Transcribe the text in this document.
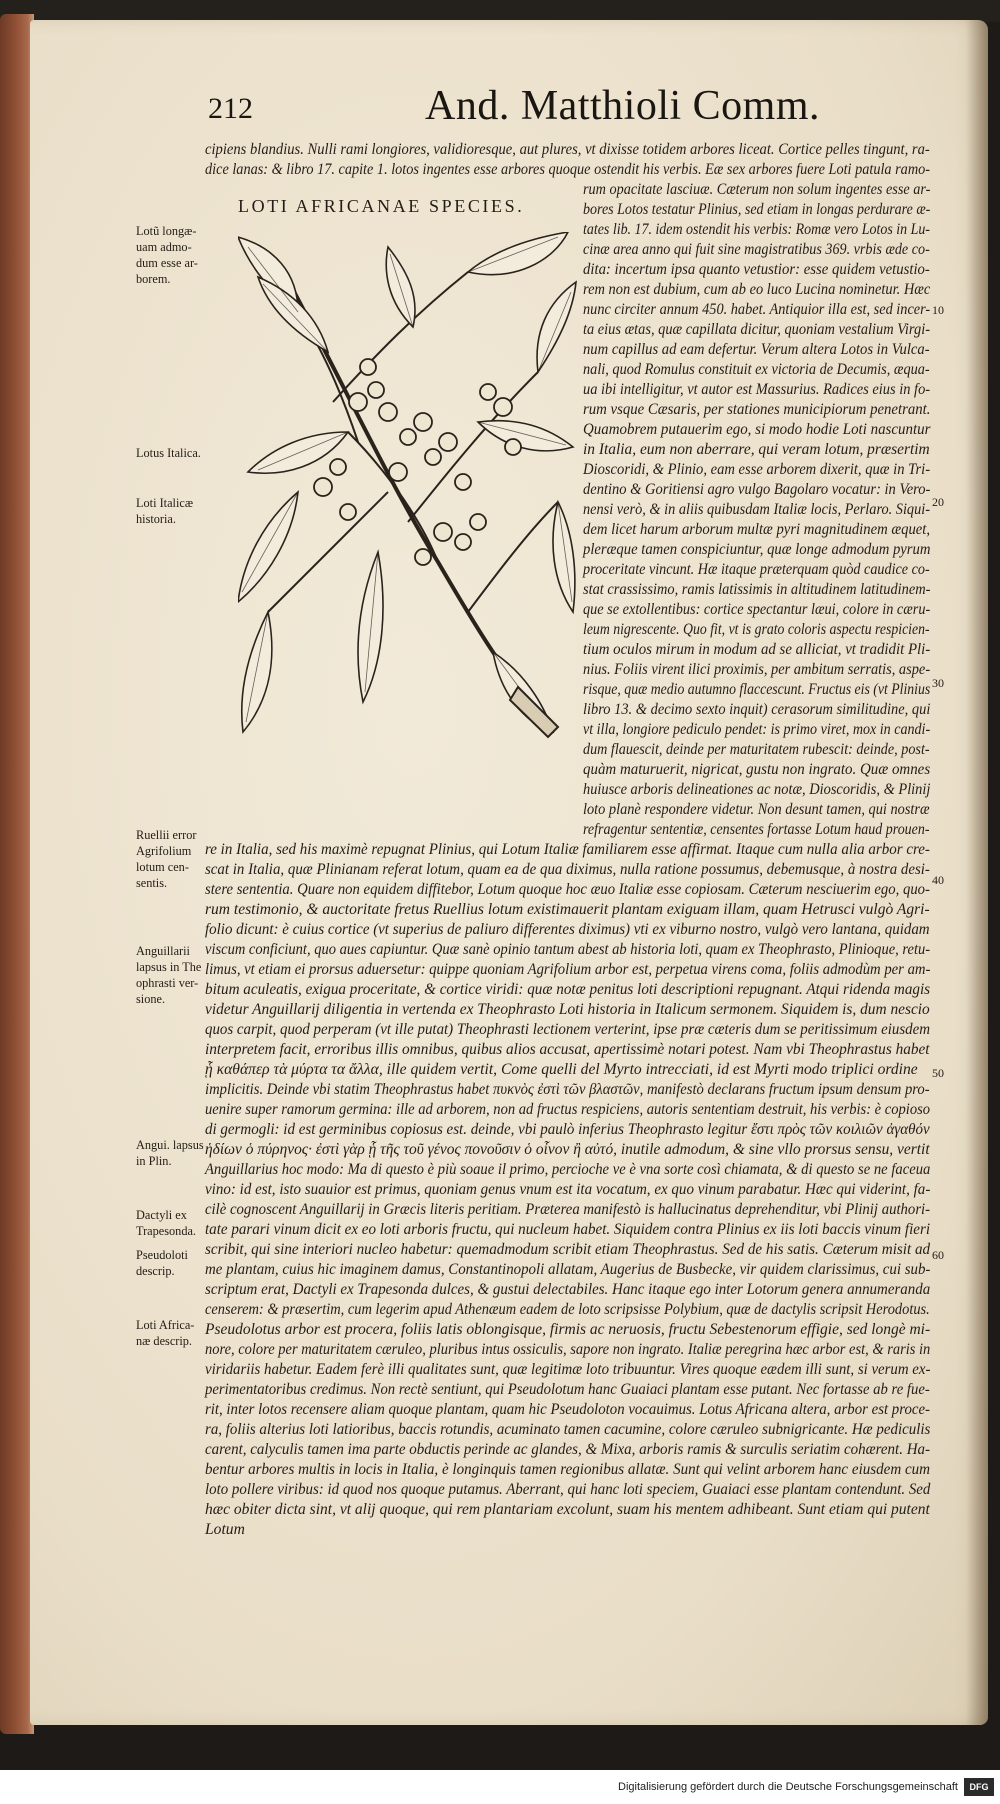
212	And. Matthioli Comm.
LOTI AFRICANAE SPECIES.
cipiens blandius. Nulli rami longiores, validioresque, aut plures, vt dixisse totidem arbores liceat. Cortice pelles tingunt, ra-
dice lanas: & libro 17. capite 1. lotos ingentes esse arbores quoque ostendit his verbis. Eæ sex arbores fuere Loti patula ramo-
rum opacitate lasciuæ. Cæterum non solum ingentes esse ar-
bores Lotos testatur Plinius, sed etiam in longas perdurare æ-
tates lib. 17. idem ostendit his verbis: Romæ vero Lotos in Lu-
cinæ area anno qui fuit sine magistratibus 369. vrbis æde co-
dita: incertum ipsa quanto vetustior: esse quidem vetustio-
rem non est dubium, cum ab eo luco Lucina nominetur. Hæc
nunc circiter annum 450. habet. Antiquior illa est, sed incer-
ta eius ætas, quæ capillata dicitur, quoniam vestalium Virgi-
num capillus ad eam defertur. Verum altera Lotos in Vulca-
nali, quod Romulus constituit ex victoria de Decumis, æqua-
ua ibi intelligitur, vt autor est Massurius. Radices eius in fo-
rum vsque Cæsaris, per stationes municipiorum penetrant.
Quamobrem putauerim ego, si modo hodie Loti nascuntur
in Italia, eum non aberrare, qui veram lotum, præsertim
Dioscoridi, & Plinio, eam esse arborem dixerit, quæ in Tri-
dentino & Goritiensi agro vulgo Bagolaro vocatur: in Vero-
nensi verò, & in aliis quibusdam Italiæ locis, Perlaro. Siqui-
dem licet harum arborum multæ pyri magnitudinem æquet,
pleræque tamen conspiciuntur, quæ longe admodum pyrum
proceritate vincunt. Hæ itaque præterquam quòd caudice co-
stat crassissimo, ramis latissimis in altitudinem latitudinem-
que se extollentibus: cortice spectantur læui, colore in cæru-
leum nigrescente. Quo fit, vt is grato coloris aspectu respicien-
tium oculos mirum in modum ad se alliciat, vt tradidit Pli-
nius. Foliis virent ilici proximis, per ambitum serratis, aspe-
risque, quæ medio autumno flaccescunt. Fructus eis (vt Plinius
libro 13. & decimo sexto inquit) cerasorum similitudine, qui
vt illa, longiore pediculo pendet: is primo viret, mox in candi-
dum flauescit, deinde per maturitatem rubescit: deinde, post-
quàm maturuerit, nigricat, gustu non ingrato. Quæ omnes
huiusce arboris delineationes ac notæ, Dioscoridis, & Plinij
loto planè respondere videtur. Non desunt tamen, qui nostræ
refragentur sententiæ, censentes fortasse Lotum haud prouen-
re in Italia, sed his maximè repugnat Plinius, qui Lotum Italiæ familiarem esse affirmat. Itaque cum nulla alia arbor cre-
scat in Italia, quæ Plinianam referat lotum, quam ea de qua diximus, nulla ratione possumus, debemusque, à nostra desi-
stere sententia. Quare non equidem diffitebor, Lotum quoque hoc æuo Italiæ esse copiosam. Cæterum nesciuerim ego, quo-
rum testimonio, & auctoritate fretus Ruellius lotum existimauerit plantam exiguam illam, quam Hetrusci vulgò Agri-
folio dicunt: è cuius cortice (vt superius de paliuro differentes diximus) vti ex viburno nostro, vulgò vero lantana, quidam
viscum conficiunt, quo aues capiuntur. Quæ sanè opinio tantum abest ab historia loti, quam ex Theophrasto, Plinioque, retu-
limus, vt etiam ei prorsus aduersetur: quippe quoniam Agrifolium arbor est, perpetua virens coma, foliis admodùm per am-
bitum aculeatis, exigua proceritate, & cortice viridi: quæ notæ penitus loti descriptioni repugnant. Atqui ridenda magis
videtur Anguillarij diligentia in vertenda ex Theophrasto Loti historia in Italicum sermonem. Siquidem is, dum nescio
quos carpit, quod perperam (vt ille putat) Theophrasti lectionem verterint, ipse præ cæteris dum se peritissimum eiusdem
interpretem facit, erroribus illis omnibus, quibus alios accusat, apertissimè notari potest. Nam vbi Theophrastus habet
ᾗ καθάπερ τὰ μύρτα τα ἄλλα, ille quidem vertit, Come quelli del Myrto intrecciati, id est Myrti modo triplici ordine
implicitis. Deinde vbi statim Theophrastus habet πυκνὸς ἐστὶ τῶν βλαστῶν, manifestò declarans fructum ipsum densum pro-
uenire super ramorum germina: ille ad arborem, non ad fructus respiciens, autoris sententiam destruit, his verbis: è copioso
di germogli: id est germinibus copiosus est. deinde, vbi paulò inferius Theophrasto legitur ἔστι πρὸς τῶν κοιλιῶν ἀγαθόν
ἡδίων ὁ πύρηνος· ἐστὶ γὰρ ᾗ τῆς τοῦ γένος πονοῦσιν ὁ οἶνον ἢ αὐτό, inutile admodum, & sine vllo prorsus sensu, vertit
Anguillarius hoc modo: Ma di questo è più soaue il primo, percioche ve è vna sorte così chiamata, & di questo se ne faceua
vino: id est, isto suauior est primus, quoniam genus vnum est ita vocatum, ex quo vinum parabatur. Hæc qui viderint, fa-
cilè cognoscent Anguillarij in Græcis literis peritiam. Præterea manifestò is hallucinatus deprehenditur, vbi Plinij authori-
tate parari vinum dicit ex eo loti arboris fructu, qui nucleum habet. Siquidem contra Plinius ex iis loti baccis vinum fieri
scribit, qui sine interiori nucleo habetur: quemadmodum scribit etiam Theophrastus. Sed de his satis. Cæterum misit ad
me plantam, cuius hic imaginem damus, Constantinopoli allatam, Augerius de Busbecke, vir quidem clarissimus, cui sub-
scriptum erat, Dactyli ex Trapesonda dulces, & gustui delectabiles. Hanc itaque ego inter Lotorum genera annumeranda
censerem: & præsertim, cum legerim apud Athenæum eadem de loto scripsisse Polybium, quæ de dactylis scripsit Herodotus.
Pseudolotus arbor est procera, foliis latis oblongisque, firmis ac neruosis, fructu Sebestenorum effigie, sed longè mi-
nore, colore per maturitatem cæruleo, pluribus intus ossiculis, sapore non ingrato. Italiæ peregrina hæc arbor est, & raris in
viridariis habetur. Eadem ferè illi qualitates sunt, quæ legitimæ loto tribuuntur. Vires quoque eædem illi sunt, si verum ex-
perimentatoribus credimus. Non rectè sentiunt, qui Pseudolotum hanc Guaiaci plantam esse putant. Nec fortasse ab re fue-
rit, inter lotos recensere aliam quoque plantam, quam hic Pseudoloton vocauimus. Lotus Africana altera, arbor est proce-
ra, foliis alterius loti latioribus, baccis rotundis, acuminato tamen cacumine, colore cæruleo subnigricante. Hæ pediculis
carent, calyculis tamen ima parte obductis perinde ac glandes, & Mixa, arboris ramis & surculis seriatim cohærent. Ha-
bentur arbores multis in locis in Italia, è longinquis tamen regionibus allatæ. Sunt qui velint arborem hanc eiusdem cum
loto pollere viribus: id quod nos quoque putamus. Aberrant, qui hanc loti speciem, Guaiaci esse plantam contendunt. Sed
hæc obiter dicta sint, vt alij quoque, qui rem plantariam excolunt, suam his mentem adhibeant. Sunt etiam qui putent
Lotum
Lotũ longæ-
uam admo-
dum esse ar-
borem.
Lotus Italica.
Loti Italicæ
historia.
Ruellii error
Agrifolium
lotum cen-
sentis.
Anguillarii
lapsus in The
ophrasti ver-
sione.
Angui. lapsus
in Plin.
Dactyli ex
Trapesonda.
Pseudoloti
descrip.
Loti Africa-
næ descrip.
10
20
30
40
50
60
Digitalisierung gefördert durch die Deutsche Forschungsgemeinschaft	DFG
